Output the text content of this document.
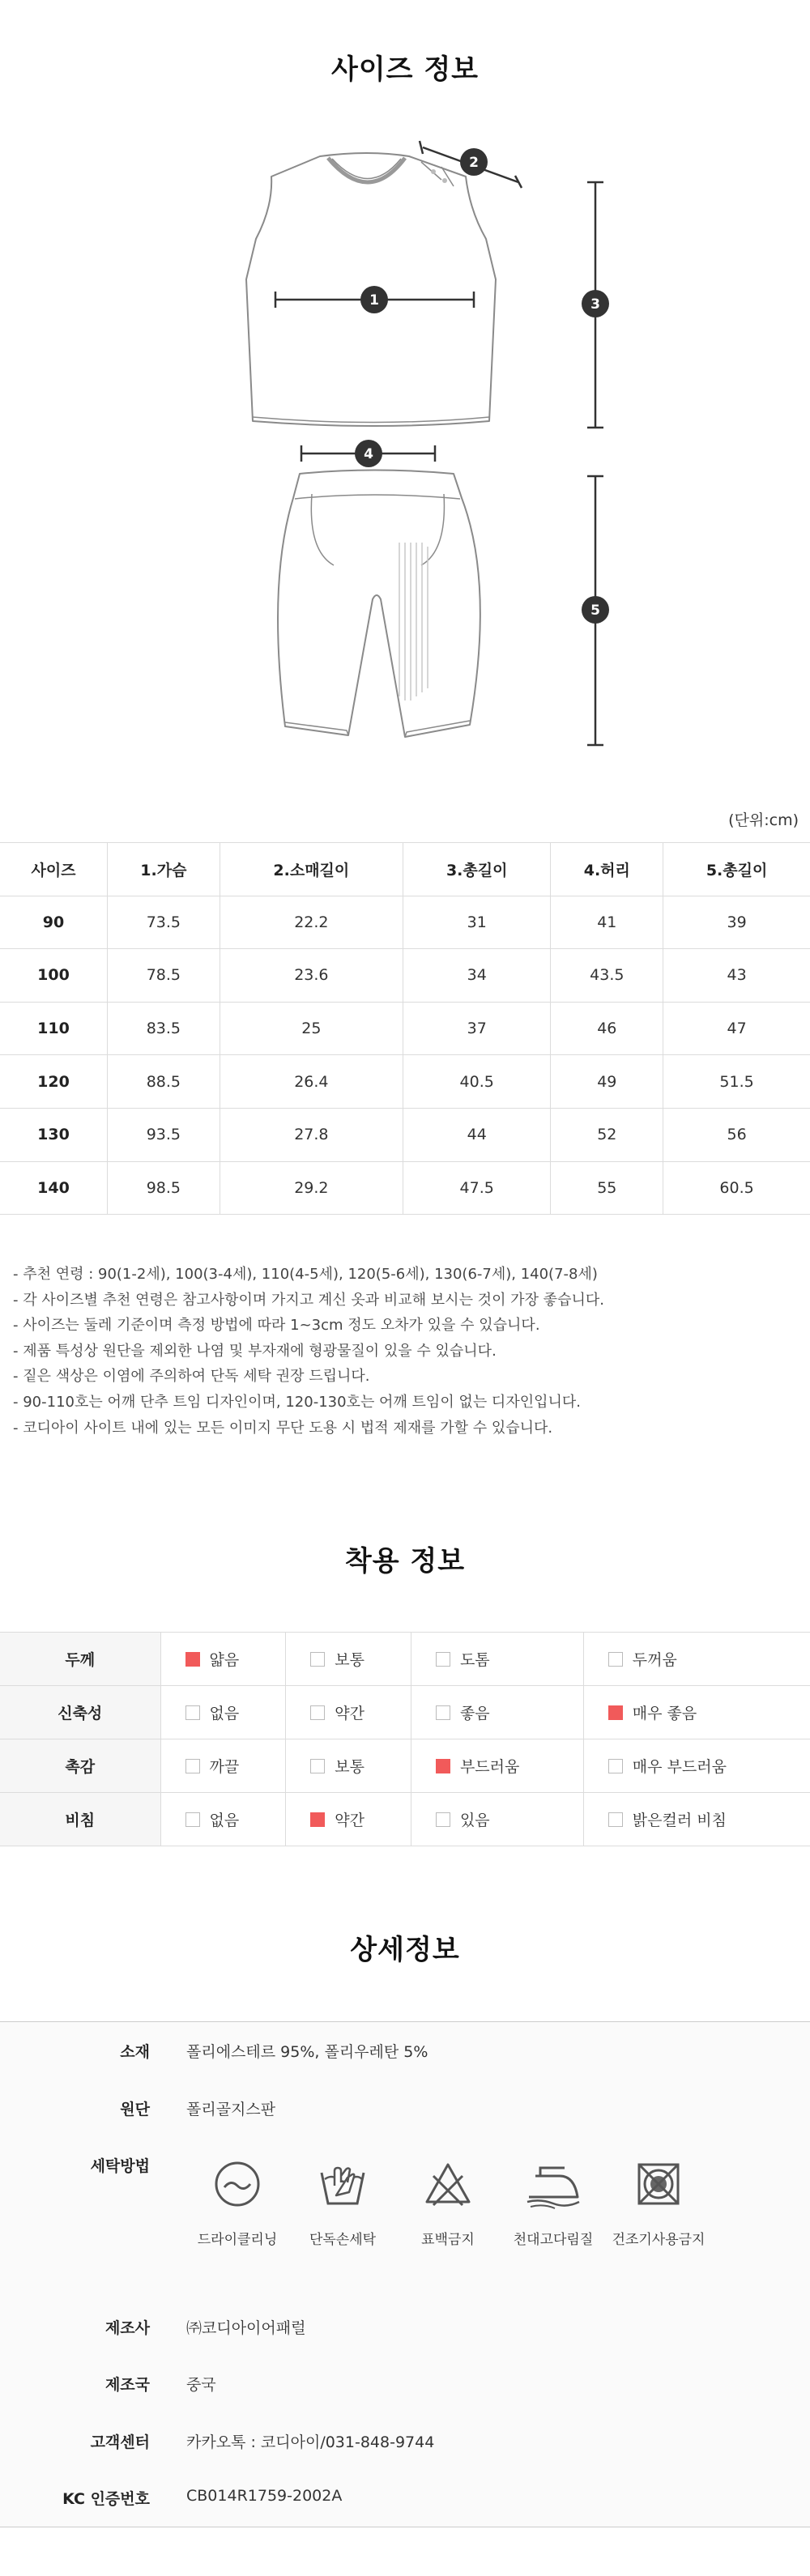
사이즈 정보
1
2
3
4
5
(단위:cm)
사이즈	1.가슴	2.소매길이	3.총길이	4.허리	5.총길이
90	73.5	22.2	31	41	39
100	78.5	23.6	34	43.5	43
110	83.5	25	37	46	47
120	88.5	26.4	40.5	49	51.5
130	93.5	27.8	44	52	56
140	98.5	29.2	47.5	55	60.5
- 추천 연령 : 90(1-2세), 100(3-4세), 110(4-5세), 120(5-6세), 130(6-7세), 140(7-8세)
- 각 사이즈별 추천 연령은 참고사항이며 가지고 계신 옷과 비교해 보시는 것이 가장 좋습니다.
- 사이즈는 둘레 기준이며 측정 방법에 따라 1~3cm 정도 오차가 있을 수 있습니다.
- 제품 특성상 원단을 제외한 나염 및 부자재에 형광물질이 있을 수 있습니다.
- 짙은 색상은 이염에 주의하여 단독 세탁 권장 드립니다.
- 90-110호는 어깨 단추 트임 디자인이며, 120-130호는 어깨 트임이 없는 디자인입니다.
- 코디아이 사이트 내에 있는 모든 이미지 무단 도용 시 법적 제재를 가할 수 있습니다.
착용 정보
두께	얇음	보통	도톰	두꺼움

신축성	없음	약간	좋음	매우 좋음

촉감	까끌	보통	부드러움	매우 부드러움

비침	없음	약간	있음	밝은컬러 비침
상세정보
소재 폴리에스테르 95%, 폴리우레탄 5%
원단 폴리골지스판
세탁방법
드라이클리닝	단독손세탁	표백금지	천대고다림질	건조기사용금지
제조사 ㈜코디아이어패럴
제조국 중국
고객센터 카카오톡 : 코디아이/031-848-9744
KC 인증번호 CB014R1759-2002A
